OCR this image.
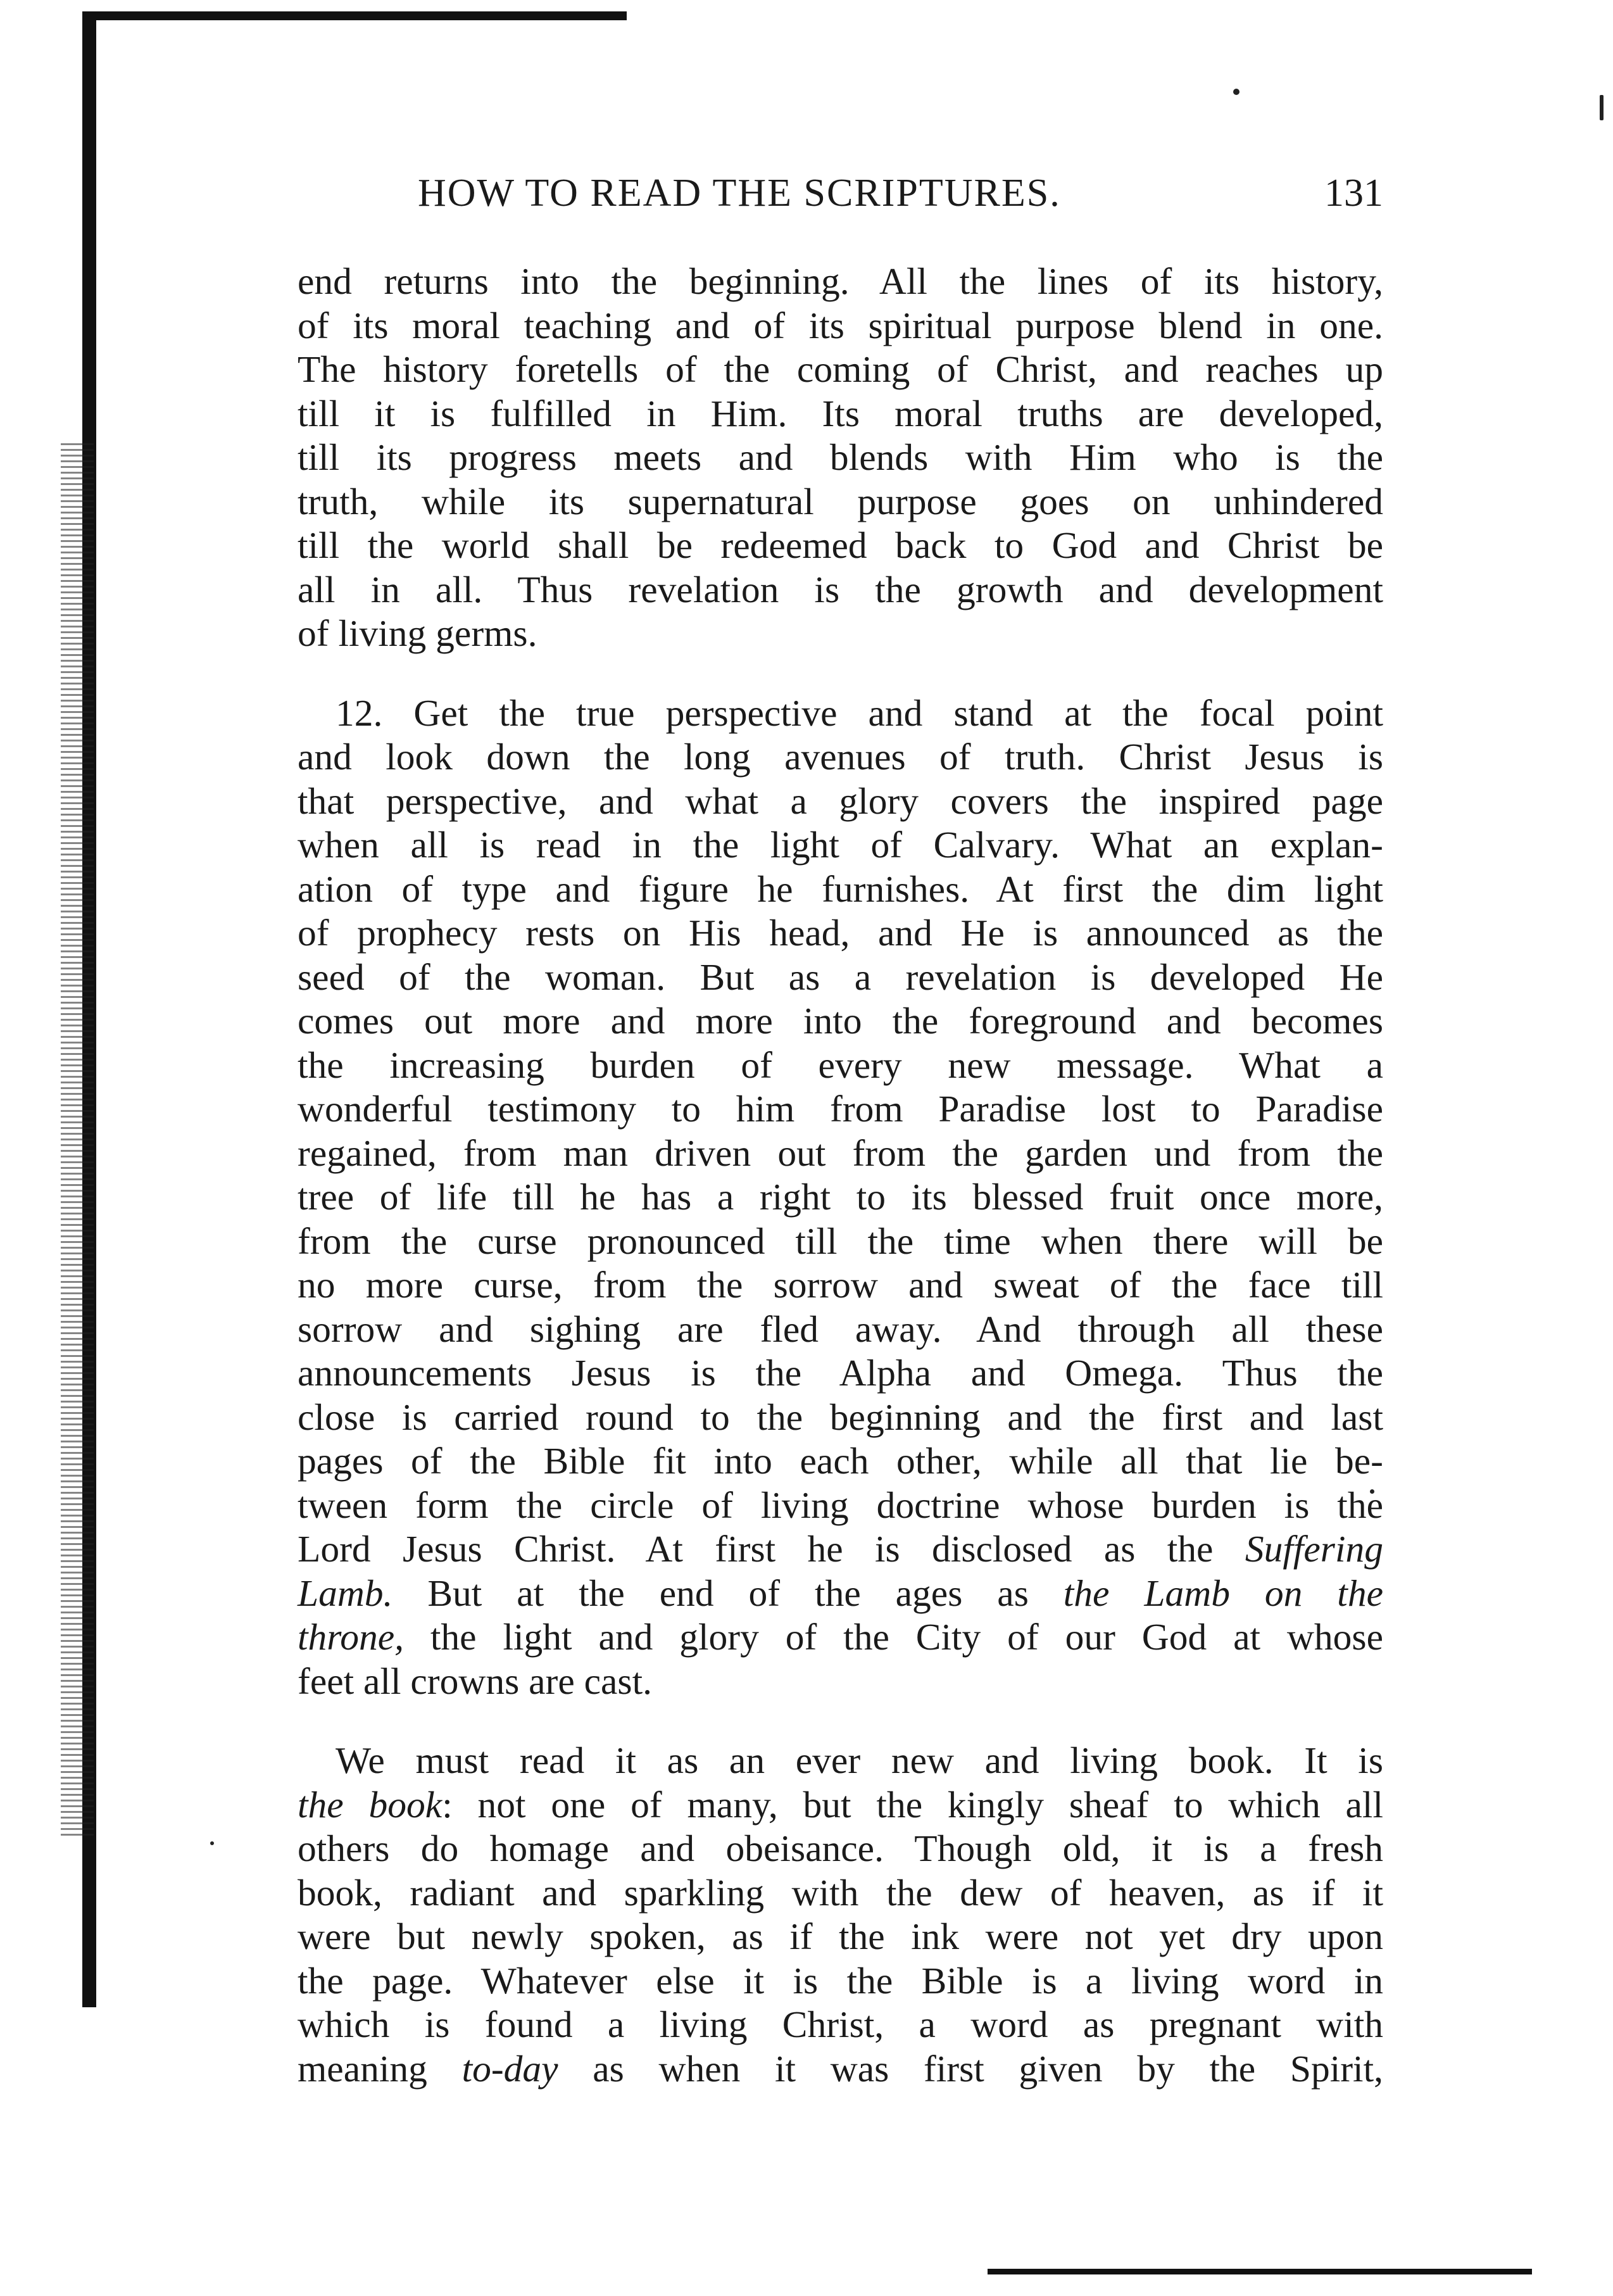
HOW TO READ THE SCRIPTURES.	131

end returns into the beginning. All the lines of its history,
of its moral teaching and of its spiritual purpose blend in one.
The history foretells of the coming of Christ, and reaches up
till it is fulfilled in Him. Its moral truths are developed,
till its progress meets and blends with Him who is the
truth, while its supernatural purpose goes on unhindered
till the world shall be redeemed back to God and Christ be
all in all. Thus revelation is the growth and development
of living germs.

12. Get the true perspective and stand at the focal point
and look down the long avenues of truth. Christ Jesus is
that perspective, and what a glory covers the inspired page
when all is read in the light of Calvary. What an explan-
ation of type and figure he furnishes. At first the dim light
of prophecy rests on His head, and He is announced as the
seed of the woman. But as a revelation is developed He
comes out more and more into the foreground and becomes
the increasing burden of every new message. What a
wonderful testimony to him from Paradise lost to Paradise
regained, from man driven out from the garden und from the
tree of life till he has a right to its blessed fruit once more,
from the curse pronounced till the time when there will be
no more curse, from the sorrow and sweat of the face till
sorrow and sighing are fled away. And through all these
announcements Jesus is the Alpha and Omega. Thus the
close is carried round to the beginning and the first and last
pages of the Bible fit into each other, while all that lie be-
tween form the circle of living doctrine whose burden is the
Lord Jesus Christ. At first he is disclosed as the Suffering
Lamb. But at the end of the ages as the Lamb on the
throne, the light and glory of the City of our God at whose
feet all crowns are cast.

We must read it as an ever new and living book. It is
the book: not one of many, but the kingly sheaf to which all
others do homage and obeisance. Though old, it is a fresh
book, radiant and sparkling with the dew of heaven, as if it
were but newly spoken, as if the ink were not yet dry upon
the page. Whatever else it is the Bible is a living word in
which is found a living Christ, a word as pregnant with
meaning to-day as when it was first given by the Spirit,
